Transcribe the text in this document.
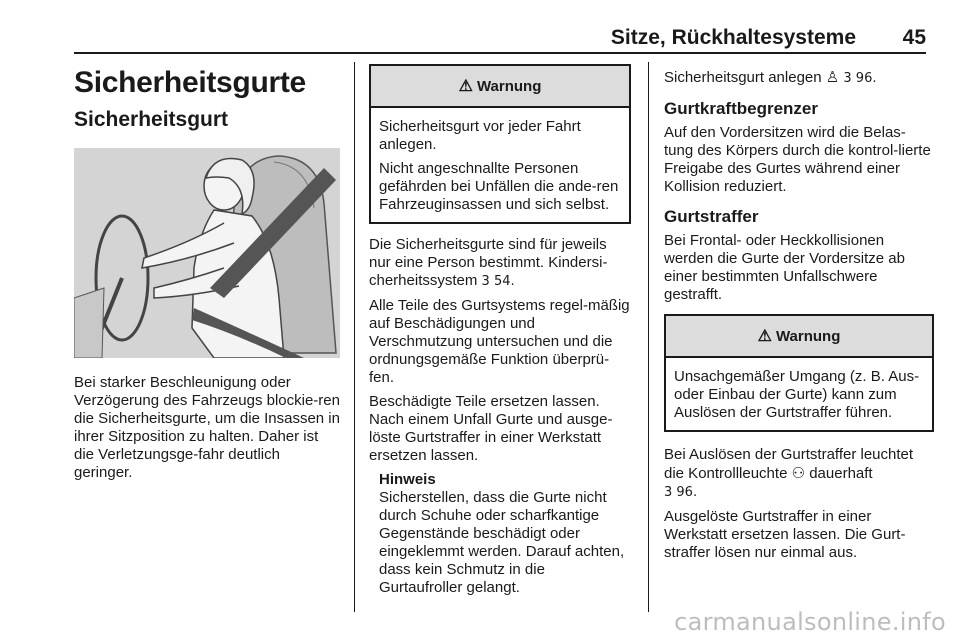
Sitze, Rückhaltesysteme 45
Sicherheitsgurte
Sicherheitsgurt

Bei starker Beschleunigung oder Verzögerung des Fahrzeugs blockie-ren die Sicherheitsgurte, um die Insassen in ihrer Sitzposition zu halten. Daher ist die Verletzungsge-fahr deutlich geringer.

⚠ Warnung

Sicherheitsgurt vor jeder Fahrt anlegen.

Nicht angeschnallte Personen gefährden bei Unfällen die ande-ren Fahrzeuginsassen und sich selbst.

Die Sicherheitsgurte sind für jeweils nur eine Person bestimmt. Kindersi-cherheitssystem 3 54.

Alle Teile des Gurtsystems regel-mäßig auf Beschädigungen und Verschmutzung untersuchen und die ordnungsgemäße Funktion überprü-fen.

Beschädigte Teile ersetzen lassen. Nach einem Unfall Gurte und ausge-löste Gurtstraffer in einer Werkstatt ersetzen lassen.

Hinweis

Sicherstellen, dass die Gurte nicht durch Schuhe oder scharfkantige Gegenstände beschädigt oder eingeklemmt werden. Darauf achten, dass kein Schmutz in die Gurtaufroller gelangt.

Sicherheitsgurt anlegen ♙ 3 96.

Gurtkraftbegrenzer

Auf den Vordersitzen wird die Belas-tung des Körpers durch die kontrol-lierte Freigabe des Gurtes während einer Kollision reduziert.

Gurtstraffer

Bei Frontal- oder Heckkollisionen werden die Gurte der Vordersitze ab einer bestimmten Unfallschwere gestrafft.

⚠ Warnung

Unsachgemäßer Umgang (z. B. Aus- oder Einbau der Gurte) kann zum Auslösen der Gurtstraffer führen.

Bei Auslösen der Gurtstraffer leuchtet die Kontrollleuchte ⚇ dauerhaft
3 96.

Ausgelöste Gurtstraffer in einer Werkstatt ersetzen lassen. Die Gurt-straffer lösen nur einmal aus.

carmanualsonline.info
